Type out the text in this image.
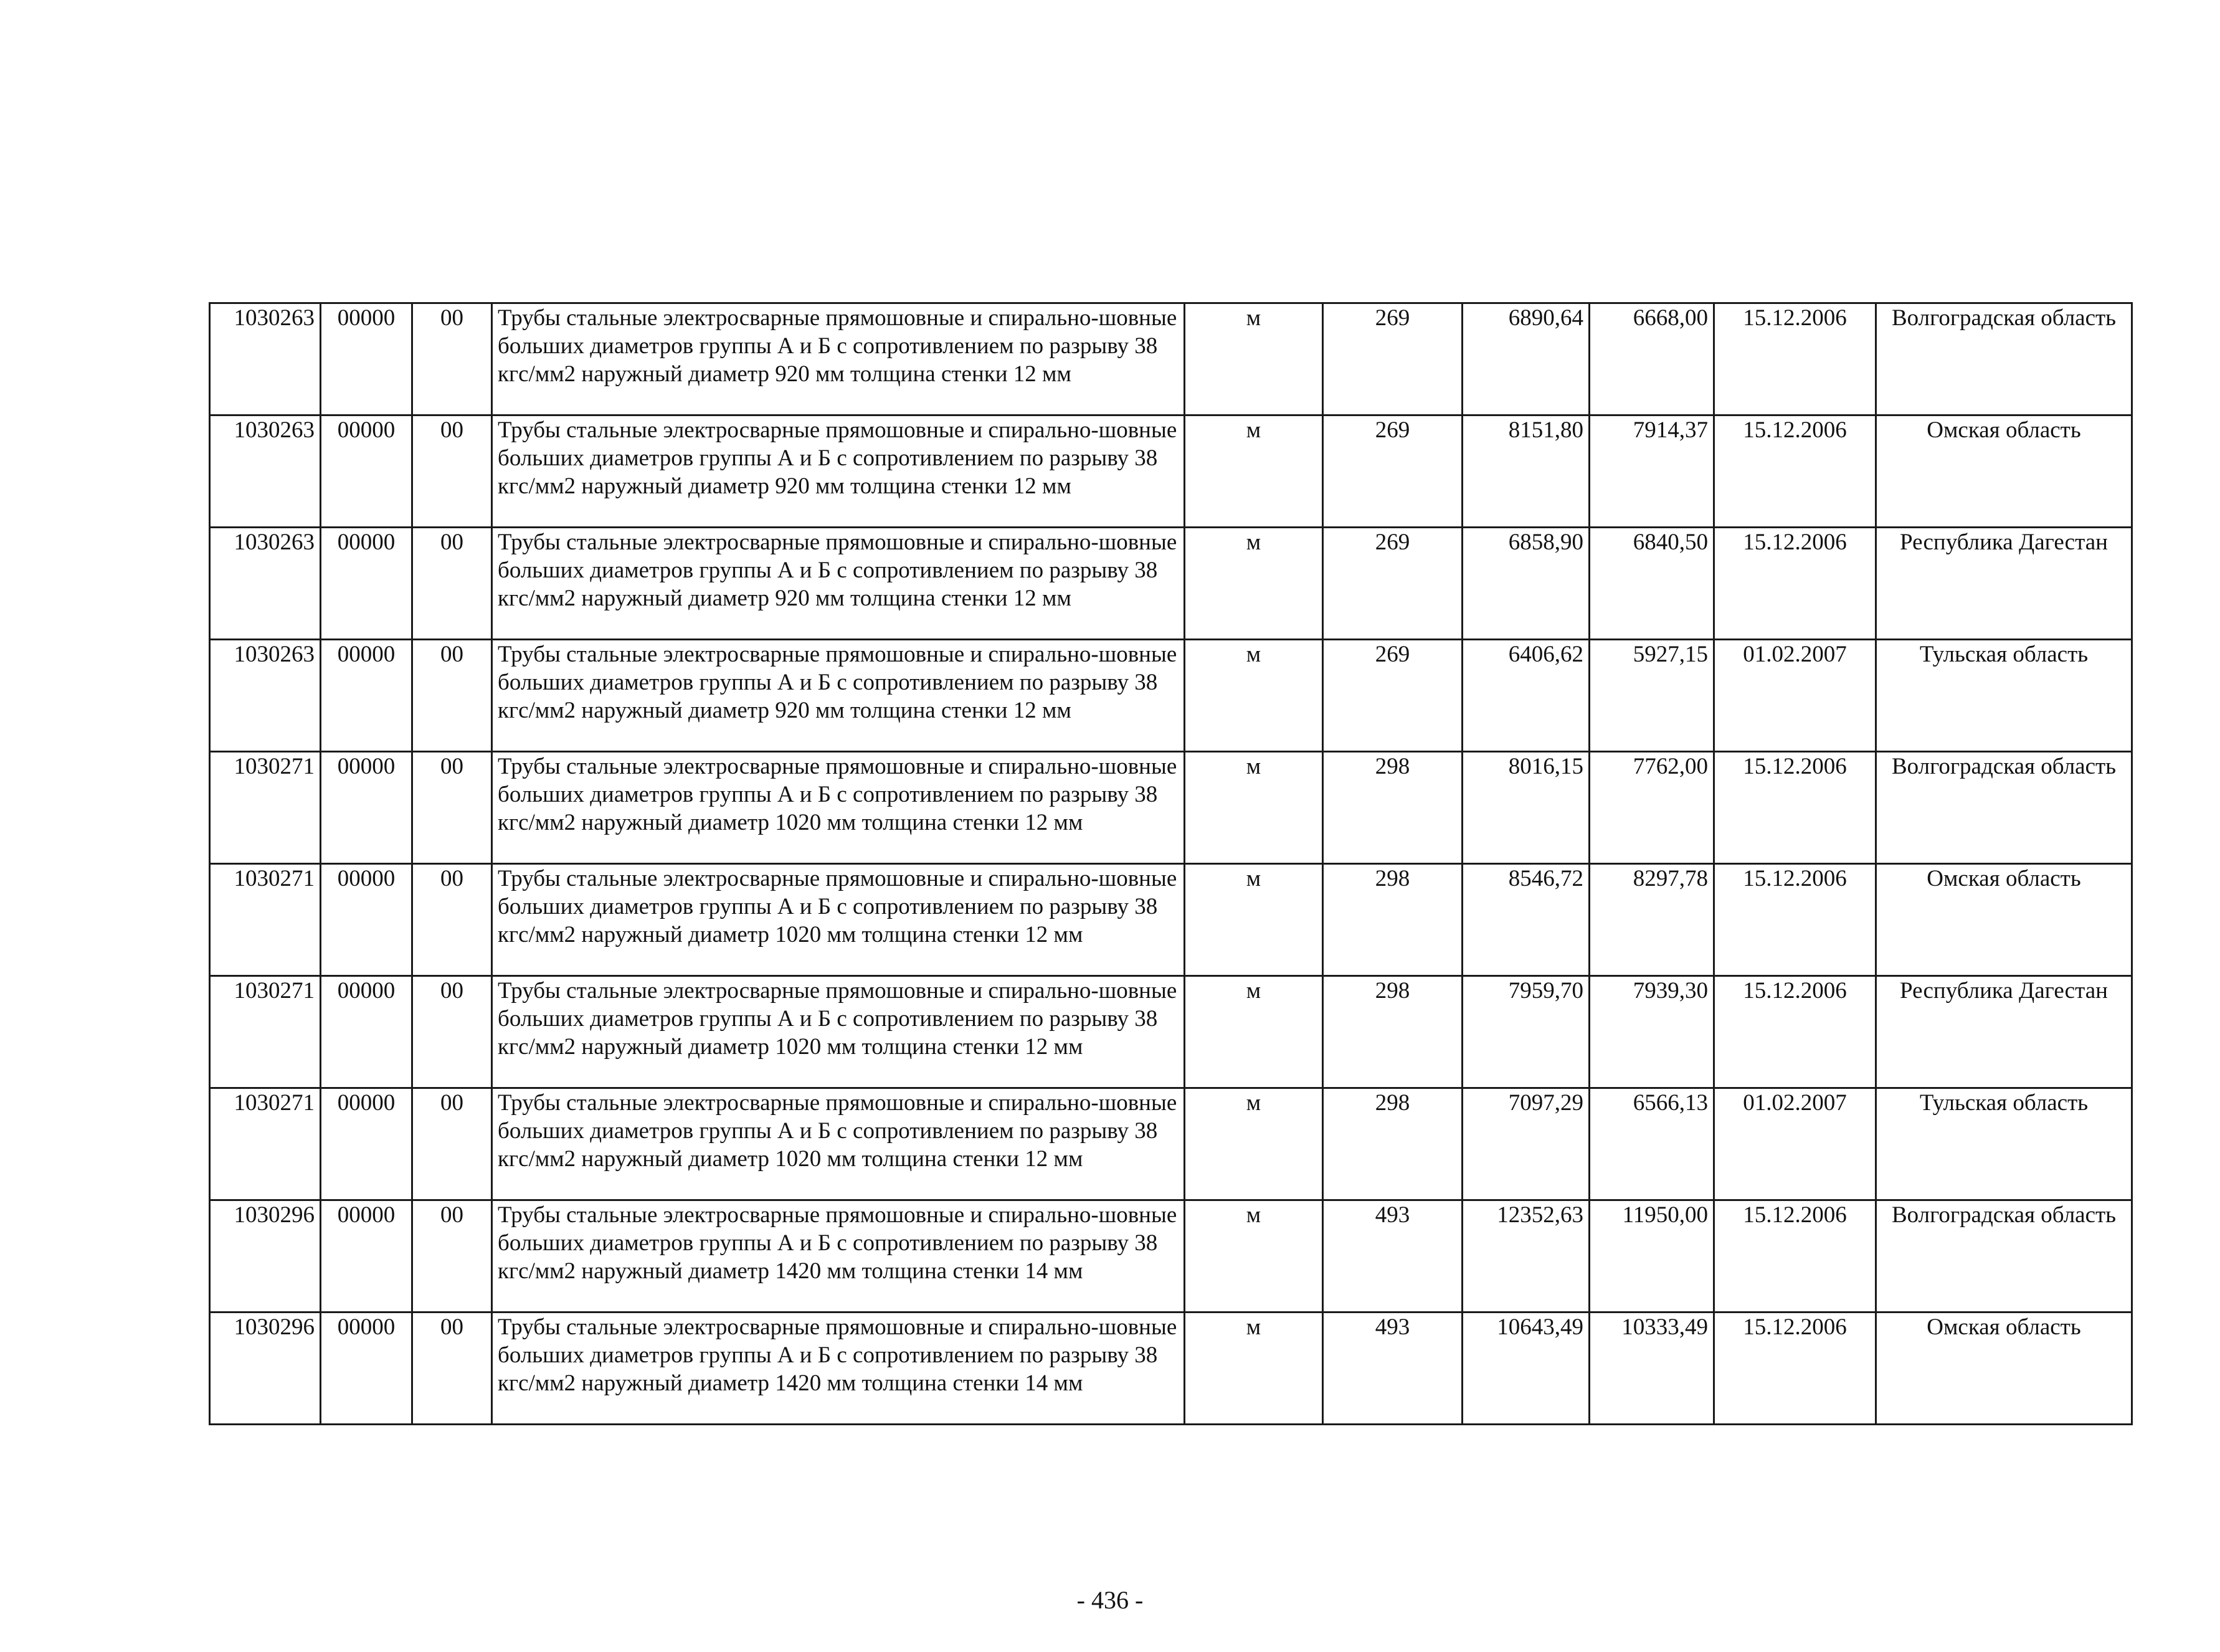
1030263	00000	00	Трубы стальные электросварные прямошовные и спирально-шовные больших диаметров группы А и Б с сопротивлением по разрыву 38 кгс/мм2 наружный диаметр 920 мм толщина стенки 12 мм	м	269	6890,64	6668,00	15.12.2006	Волгоградская область
1030263	00000	00	Трубы стальные электросварные прямошовные и спирально-шовные больших диаметров группы А и Б с сопротивлением по разрыву 38 кгс/мм2 наружный диаметр 920 мм толщина стенки 12 мм	м	269	8151,80	7914,37	15.12.2006	Омская область
1030263	00000	00	Трубы стальные электросварные прямошовные и спирально-шовные больших диаметров группы А и Б с сопротивлением по разрыву 38 кгс/мм2 наружный диаметр 920 мм толщина стенки 12 мм	м	269	6858,90	6840,50	15.12.2006	Республика Дагестан
1030263	00000	00	Трубы стальные электросварные прямошовные и спирально-шовные больших диаметров группы А и Б с сопротивлением по разрыву 38 кгс/мм2 наружный диаметр 920 мм толщина стенки 12 мм	м	269	6406,62	5927,15	01.02.2007	Тульская область
1030271	00000	00	Трубы стальные электросварные прямошовные и спирально-шовные больших диаметров группы А и Б с сопротивлением по разрыву 38 кгс/мм2 наружный диаметр 1020 мм толщина стенки 12 мм	м	298	8016,15	7762,00	15.12.2006	Волгоградская область
1030271	00000	00	Трубы стальные электросварные прямошовные и спирально-шовные больших диаметров группы А и Б с сопротивлением по разрыву 38 кгс/мм2 наружный диаметр 1020 мм толщина стенки 12 мм	м	298	8546,72	8297,78	15.12.2006	Омская область
1030271	00000	00	Трубы стальные электросварные прямошовные и спирально-шовные больших диаметров группы А и Б с сопротивлением по разрыву 38 кгс/мм2 наружный диаметр 1020 мм толщина стенки 12 мм	м	298	7959,70	7939,30	15.12.2006	Республика Дагестан
1030271	00000	00	Трубы стальные электросварные прямошовные и спирально-шовные больших диаметров группы А и Б с сопротивлением по разрыву 38 кгс/мм2 наружный диаметр 1020 мм толщина стенки 12 мм	м	298	7097,29	6566,13	01.02.2007	Тульская область
1030296	00000	00	Трубы стальные электросварные прямошовные и спирально-шовные больших диаметров группы А и Б с сопротивлением по разрыву 38 кгс/мм2 наружный диаметр 1420 мм толщина стенки 14 мм	м	493	12352,63	11950,00	15.12.2006	Волгоградская область
1030296	00000	00	Трубы стальные электросварные прямошовные и спирально-шовные больших диаметров группы А и Б с сопротивлением по разрыву 38 кгс/мм2 наружный диаметр 1420 мм толщина стенки 14 мм	м	493	10643,49	10333,49	15.12.2006	Омская область
- 436 -
